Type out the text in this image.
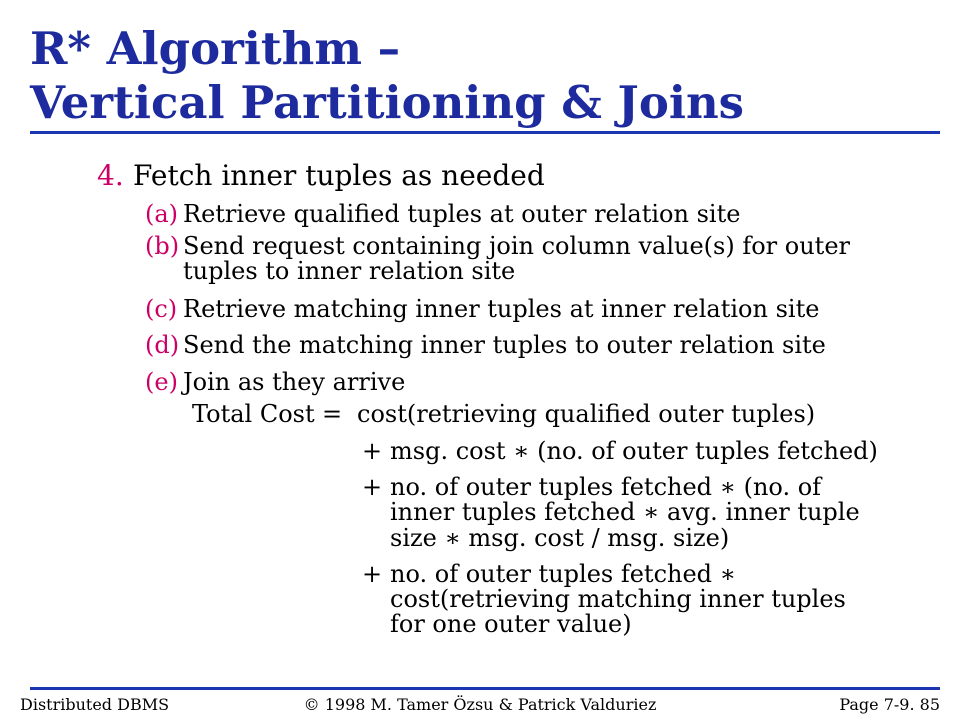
R* Algorithm –
Vertical Partitioning & Joins
4. Fetch inner tuples as needed
(a) Retrieve qualified tuples at outer relation site
(b) Send request containing join column value(s) for outer
tuples to inner relation site
(c) Retrieve matching inner tuples at inner relation site
(d) Send the matching inner tuples to outer relation site
(e) Join as they arrive
Total Cost = cost(retrieving qualified outer tuples)
+ msg. cost ∗ (no. of outer tuples fetched)
+ no. of outer tuples fetched ∗ (no. of
inner tuples fetched ∗ avg. inner tuple
size ∗ msg. cost / msg. size)
+ no. of outer tuples fetched ∗
cost(retrieving matching inner tuples
for one outer value)
Distributed DBMS	© 1998 M. Tamer Özsu & Patrick Valduriez	Page 7-9. 85
